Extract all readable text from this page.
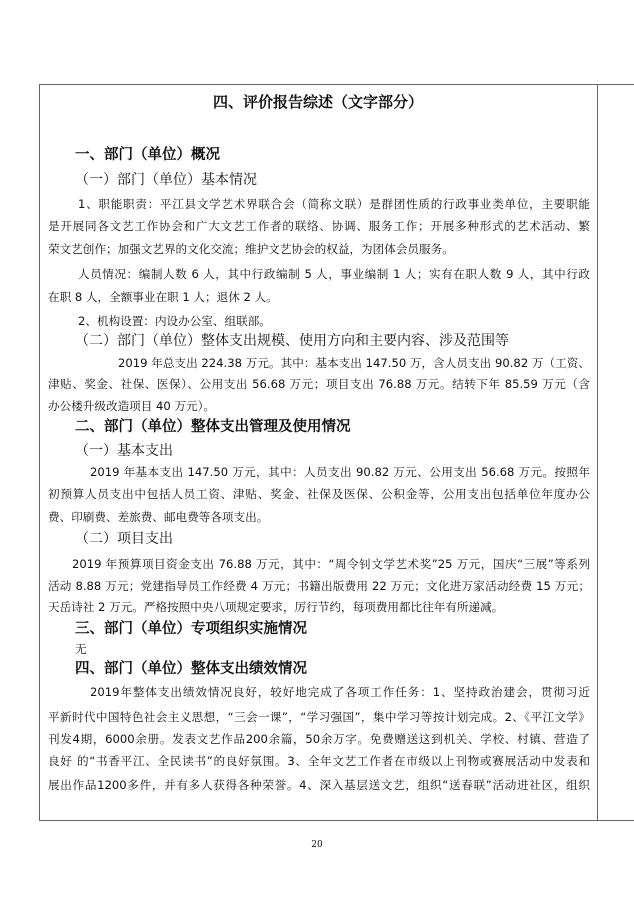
四、评价报告综述（文字部分）
一、部门（单位）概况
（一）部门（单位）基本情况
1、职能职责：平江县文学艺术界联合会（简称文联）是群团性质的行政事业类单位，主要职能
是开展同各文艺工作协会和广大文艺工作者的联络、协调、服务工作；开展多种形式的艺术活动、繁
荣文艺创作；加强文艺界的文化交流；维护文艺协会的权益，为团体会员服务。
人员情况：编制人数 6 人，其中行政编制 5 人，事业编制 1 人；实有在职人数 9 人，其中行政
在职 8 人，全额事业在职 1 人；退休 2 人。
2、机构设置：内设办公室、组联部。
（二）部门（单位）整体支出规模、使用方向和主要内容、涉及范围等
2019 年总支出 224.38 万元。其中：基本支出 147.50 万，含人员支出 90.82 万（工资、
津贴、奖金、社保、医保）、公用支出 56.68 万元；项目支出 76.88 万元。结转下年 85.59 万元（含
办公楼升级改造项目 40 万元）。
二、部门（单位）整体支出管理及使用情况
（一）基本支出
2019 年基本支出 147.50 万元，其中：人员支出 90.82 万元、公用支出 56.68 万元。按照年
初预算人员支出中包括人员工资、津贴、奖金、社保及医保、公积金等，公用支出包括单位年度办公
费、印刷费、差旅费、邮电费等各项支出。
（二）项目支出
2019 年预算项目资金支出 76.88 万元，其中：“周令钊文学艺术奖”25 万元，国庆“三展”等系列
活动 8.88 万元；党建指导员工作经费 4 万元；书籍出版费用 22 万元；文化进万家活动经费 15 万元；
天岳诗社 2 万元。严格按照中央八项规定要求，厉行节约，每项费用都比往年有所递减。
三、部门（单位）专项组织实施情况
无
四、部门（单位）整体支出绩效情况
2019年整体支出绩效情况良好，较好地完成了各项工作任务：1、坚持政治建会，贯彻习近
平新时代中国特色社会主义思想，“三会一课”，“学习强国”，集中学习等按计划完成。2、《平江文学》
刊发4期，6000余册。发表文艺作品200余篇，50余万字。免费赠送这到机关、学校、村镇、营造了
良好 的“书香平江、全民读书”的良好氛围。3、全年文艺工作者在市级以上刊物或赛展活动中发表和
展出作品1200多件，并有多人获得各种荣誉。4、深入基层送文艺，组织“送春联”活动进社区，组织
20
